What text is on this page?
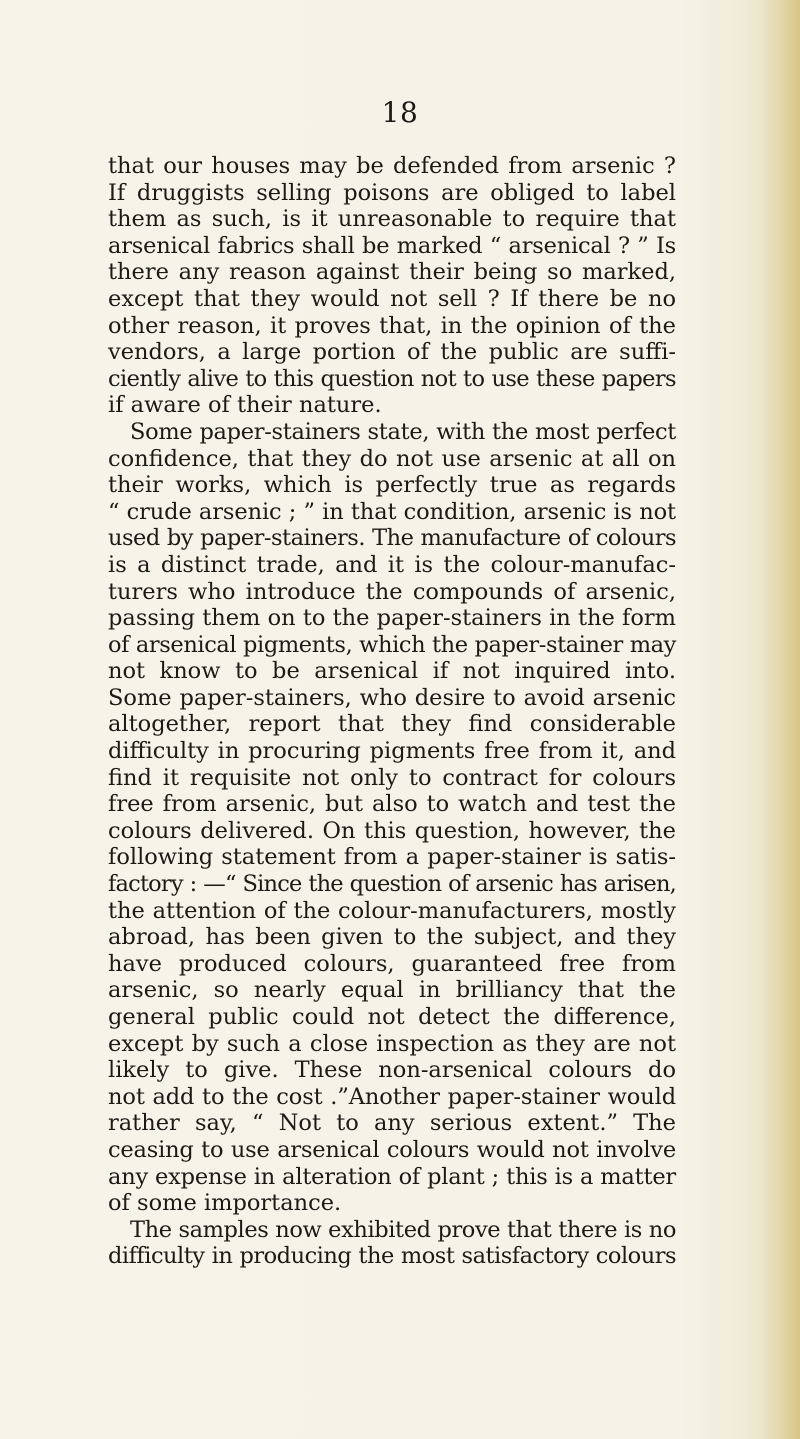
18
that our houses may be defended from arsenic ?
If druggists selling poisons are obliged to label
them as such, is it unreasonable to require that
arsenical fabrics shall be marked “ arsenical ? ” Is
there any reason against their being so marked,
except that they would not sell ? If there be no
other reason, it proves that, in the opinion of the
vendors, a large portion of the public are suffi-
ciently alive to this question not to use these papers
if aware of their nature.
Some paper-stainers state, with the most perfect
confidence, that they do not use arsenic at all on
their works, which is perfectly true as regards
“ crude arsenic ; ” in that condition, arsenic is not
used by paper-stainers. The manufacture of colours
is a distinct trade, and it is the colour-manufac-
turers who introduce the compounds of arsenic,
passing them on to the paper-stainers in the form
of arsenical pigments, which the paper-stainer may
not know to be arsenical if not inquired into.
Some paper-stainers, who desire to avoid arsenic
altogether, report that they find considerable
difficulty in procuring pigments free from it, and
find it requisite not only to contract for colours
free from arsenic, but also to watch and test the
colours delivered. On this question, however, the
following statement from a paper-stainer is satis-
factory : —“ Since the question of arsenic has arisen,
the attention of the colour-manufacturers, mostly
abroad, has been given to the subject, and they
have produced colours, guaranteed free from
arsenic, so nearly equal in brilliancy that the
general public could not detect the difference,
except by such a close inspection as they are not
likely to give. These non-arsenical colours do
not add to the cost .”Another paper-stainer would
rather say, “ Not to any serious extent.” The
ceasing to use arsenical colours would not involve
any expense in alteration of plant ; this is a matter
of some importance.
The samples now exhibited prove that there is no
difficulty in producing the most satisfactory colours
